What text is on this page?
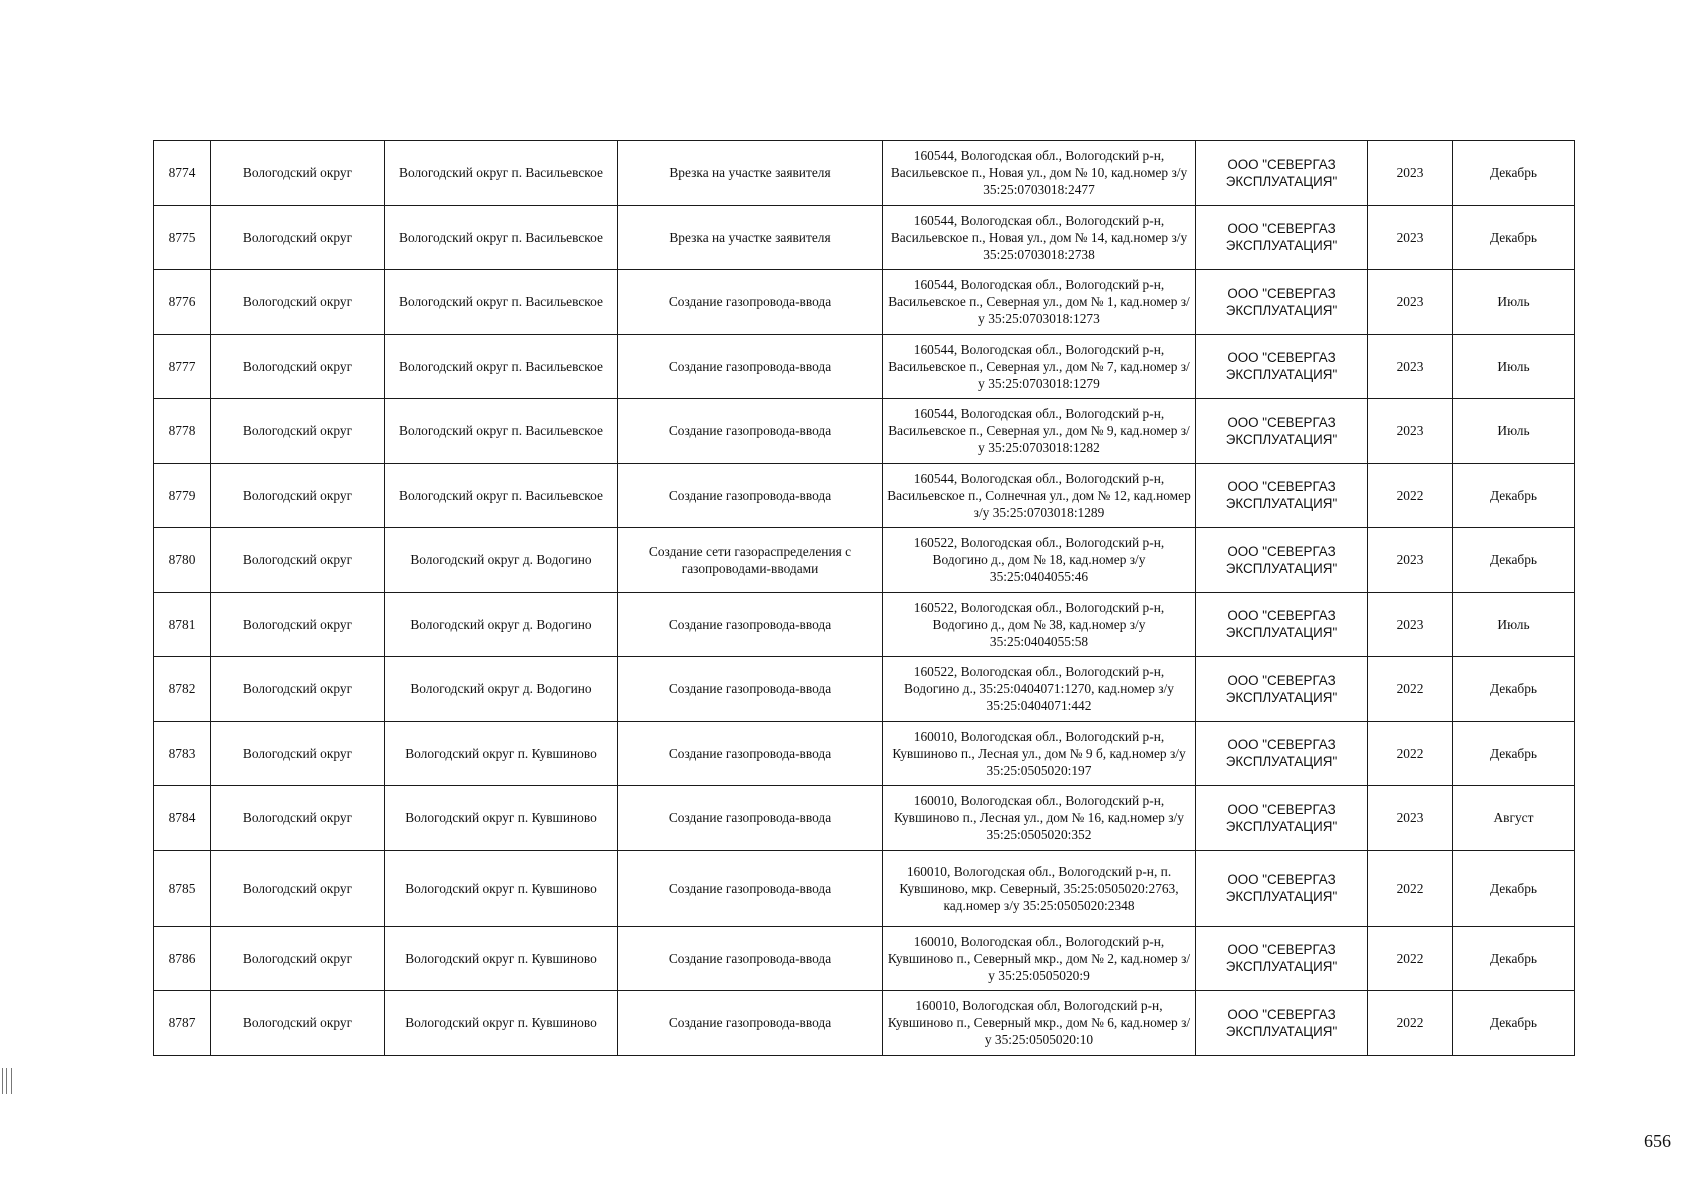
8774	Вологодский округ	Вологодский округ п. Васильевское	Врезка на участке заявителя	160544, Вологодская обл., Вологодский р-н, Васильевское п., Новая ул., дом № 10, кад.номер з/у 35:25:0703018:2477	ООО "СЕВЕРГАЗ ЭКСПЛУАТАЦИЯ"	2023	Декабрь
8775	Вологодский округ	Вологодский округ п. Васильевское	Врезка на участке заявителя	160544, Вологодская обл., Вологодский р-н, Васильевское п., Новая ул., дом № 14, кад.номер з/у 35:25:0703018:2738	ООО "СЕВЕРГАЗ ЭКСПЛУАТАЦИЯ"	2023	Декабрь
8776	Вологодский округ	Вологодский округ п. Васильевское	Создание газопровода-ввода	160544, Вологодская обл., Вологодский р-н, Васильевское п., Северная ул., дом № 1, кад.номер з/у 35:25:0703018:1273	ООО "СЕВЕРГАЗ ЭКСПЛУАТАЦИЯ"	2023	Июль
8777	Вологодский округ	Вологодский округ п. Васильевское	Создание газопровода-ввода	160544, Вологодская обл., Вологодский р-н, Васильевское п., Северная ул., дом № 7, кад.номер з/у 35:25:0703018:1279	ООО "СЕВЕРГАЗ ЭКСПЛУАТАЦИЯ"	2023	Июль
8778	Вологодский округ	Вологодский округ п. Васильевское	Создание газопровода-ввода	160544, Вологодская обл., Вологодский р-н, Васильевское п., Северная ул., дом № 9, кад.номер з/у 35:25:0703018:1282	ООО "СЕВЕРГАЗ ЭКСПЛУАТАЦИЯ"	2023	Июль
8779	Вологодский округ	Вологодский округ п. Васильевское	Создание газопровода-ввода	160544, Вологодская обл., Вологодский р-н, Васильевское п., Солнечная ул., дом № 12, кад.номер з/у 35:25:0703018:1289	ООО "СЕВЕРГАЗ ЭКСПЛУАТАЦИЯ"	2022	Декабрь
8780	Вологодский округ	Вологодский округ д. Водогино	Создание сети газораспределения с газопроводами-вводами	160522, Вологодская обл., Вологодский р-н, Водогино д., дом № 18, кад.номер з/у 35:25:0404055:46	ООО "СЕВЕРГАЗ ЭКСПЛУАТАЦИЯ"	2023	Декабрь
8781	Вологодский округ	Вологодский округ д. Водогино	Создание газопровода-ввода	160522, Вологодская обл., Вологодский р-н, Водогино д., дом № 38, кад.номер з/у 35:25:0404055:58	ООО "СЕВЕРГАЗ ЭКСПЛУАТАЦИЯ"	2023	Июль
8782	Вологодский округ	Вологодский округ д. Водогино	Создание газопровода-ввода	160522, Вологодская обл., Вологодский р-н, Водогино д., 35:25:0404071:1270, кад.номер з/у 35:25:0404071:442	ООО "СЕВЕРГАЗ ЭКСПЛУАТАЦИЯ"	2022	Декабрь
8783	Вологодский округ	Вологодский округ п. Кувшиново	Создание газопровода-ввода	160010, Вологодская обл., Вологодский р-н, Кувшиново п., Лесная ул., дом № 9 б, кад.номер з/у 35:25:0505020:197	ООО "СЕВЕРГАЗ ЭКСПЛУАТАЦИЯ"	2022	Декабрь
8784	Вологодский округ	Вологодский округ п. Кувшиново	Создание газопровода-ввода	160010, Вологодская обл., Вологодский р-н, Кувшиново п., Лесная ул., дом № 16, кад.номер з/у 35:25:0505020:352	ООО "СЕВЕРГАЗ ЭКСПЛУАТАЦИЯ"	2023	Август
8785	Вологодский округ	Вологодский округ п. Кувшиново	Создание газопровода-ввода	160010, Вологодская обл., Вологодский р-н, п. Кувшиново, мкр. Северный, 35:25:0505020:2763, кад.номер з/у 35:25:0505020:2348	ООО "СЕВЕРГАЗ ЭКСПЛУАТАЦИЯ"	2022	Декабрь
8786	Вологодский округ	Вологодский округ п. Кувшиново	Создание газопровода-ввода	160010, Вологодская обл., Вологодский р-н, Кувшиново п., Северный мкр., дом № 2, кад.номер з/у 35:25:0505020:9	ООО "СЕВЕРГАЗ ЭКСПЛУАТАЦИЯ"	2022	Декабрь
8787	Вологодский округ	Вологодский округ п. Кувшиново	Создание газопровода-ввода	160010, Вологодская обл, Вологодский р-н, Кувшиново п., Северный мкр., дом № 6, кад.номер з/у 35:25:0505020:10	ООО "СЕВЕРГАЗ ЭКСПЛУАТАЦИЯ"	2022	Декабрь
656
